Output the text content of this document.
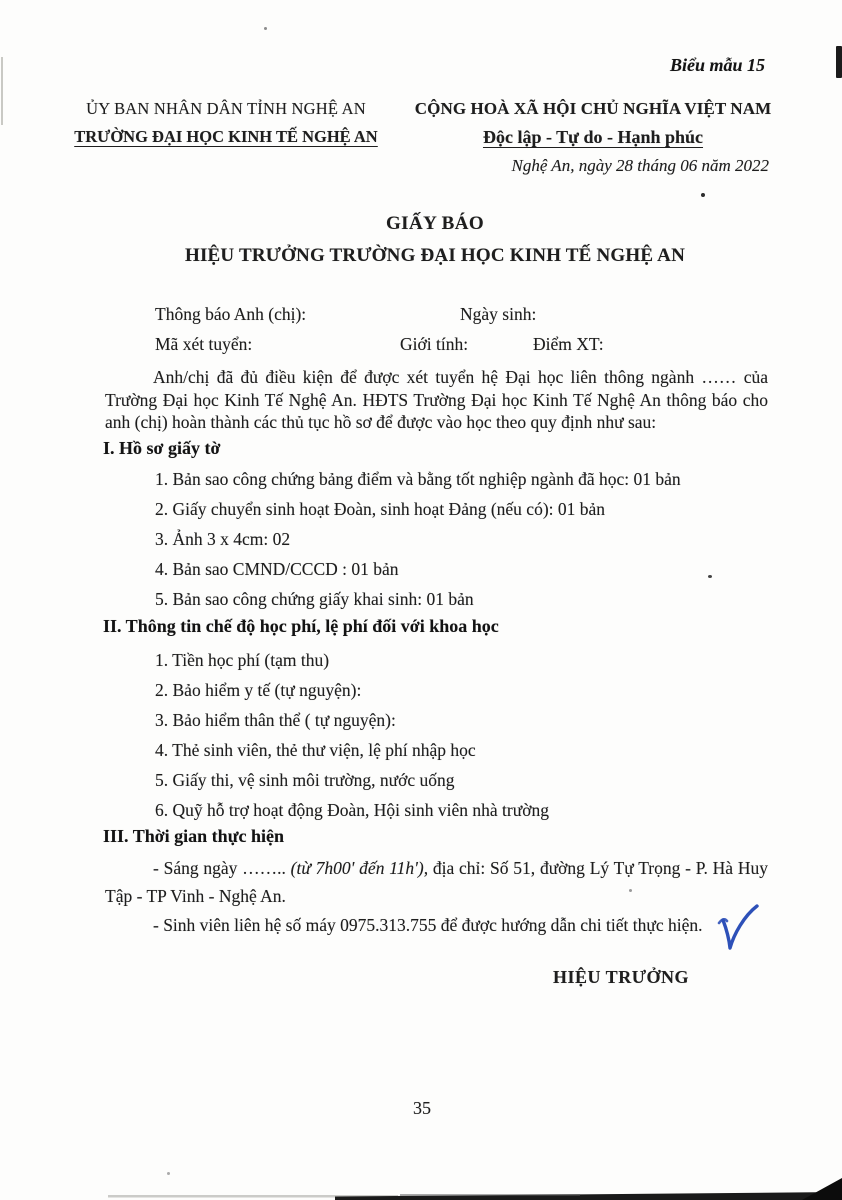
Biểu mẫu 15
ỦY BAN NHÂN DÂN TỈNH NGHỆ AN
TRƯỜNG ĐẠI HỌC KINH TẾ NGHỆ AN
CỘNG HOÀ XÃ HỘI CHỦ NGHĨA VIỆT NAM
Độc lập - Tự do - Hạnh phúc
Nghệ An, ngày 28 tháng 06 năm 2022
GIẤY BÁO
HIỆU TRƯỞNG TRƯỜNG ĐẠI HỌC KINH TẾ NGHỆ AN
Thông báo Anh (chị):	Ngày sinh:
Mã xét tuyển:	Giới tính:	Điểm XT:
Anh/chị đã đủ điều kiện để được xét tuyển hệ Đại học liên thông ngành …… của Trường Đại học Kinh Tế Nghệ An. HĐTS Trường Đại học Kinh Tế Nghệ An thông báo cho anh (chị) hoàn thành các thủ tục hồ sơ để được vào học theo quy định như sau:
I. Hồ sơ giấy tờ
1. Bản sao công chứng bảng điểm và bằng tốt nghiệp ngành đã học: 01 bản
2. Giấy chuyển sinh hoạt Đoàn, sinh hoạt Đảng (nếu có): 01 bản
3. Ảnh 3 x 4cm: 02
4. Bản sao CMND/CCCD : 01 bản
5. Bản sao công chứng giấy khai sinh: 01 bản
II. Thông tin chế độ học phí, lệ phí đối với khoa học
1. Tiền học phí (tạm thu)
2. Bảo hiểm y tế (tự nguyện):
3. Bảo hiểm thân thể ( tự nguyện):
4. Thẻ sinh viên, thẻ thư viện, lệ phí nhập học
5. Giấy thi, vệ sinh môi trường, nước uống
6. Quỹ hỗ trợ hoạt động Đoàn, Hội sinh viên nhà trường
III. Thời gian thực hiện
- Sáng ngày …….. (từ 7h00' đến 11h'), địa chỉ: Số 51, đường Lý Tự Trọng - P. Hà Huy Tập - TP Vinh - Nghệ An.
- Sinh viên liên hệ số máy 0975.313.755 để được hướng dẫn chi tiết thực hiện.
HIỆU TRƯỞNG
35
